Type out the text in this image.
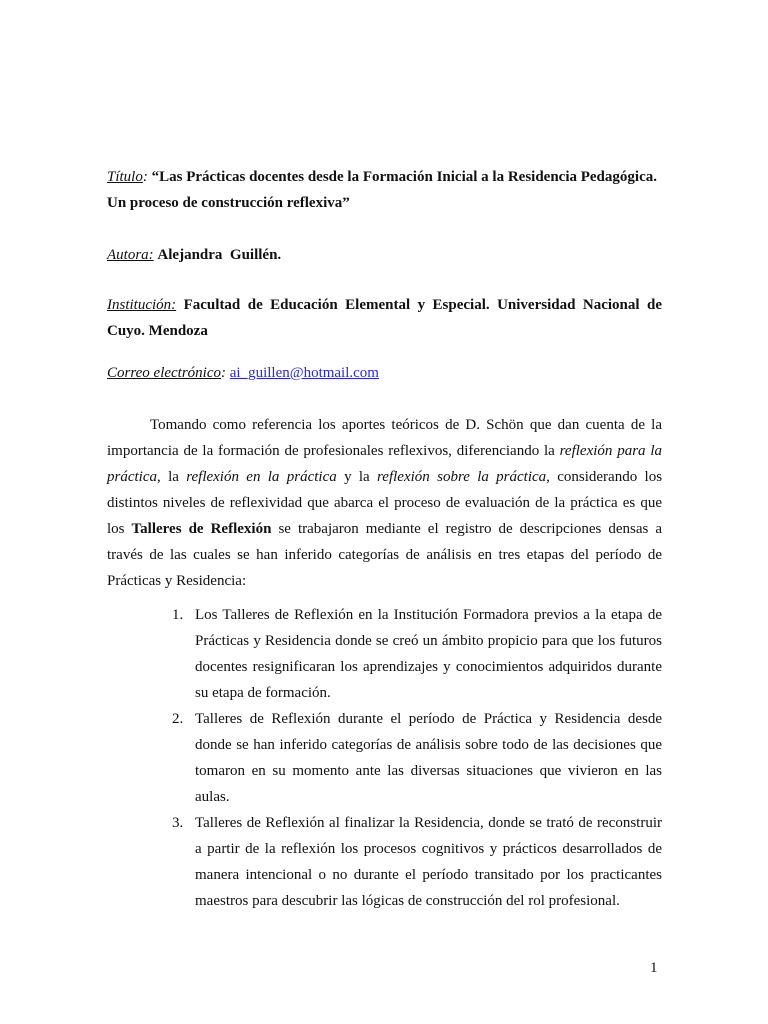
Título: “Las Prácticas docentes desde la Formación Inicial a la Residencia Pedagógica.
Un proceso de construcción reflexiva”
Autora: Alejandra  Guillén.
Institución: Facultad de Educación Elemental y Especial. Universidad Nacional de
Cuyo. Mendoza
Correo electrónico: ai_guillen@hotmail.com
Tomando como referencia los aportes teóricos de D. Schön que dan cuenta de la
importancia de la formación de profesionales reflexivos, diferenciando la reflexión para la
práctica, la reflexión en la práctica y la reflexión sobre la práctica, considerando los
distintos niveles de reflexividad que abarca el proceso de evaluación de la práctica es que
los Talleres de Reflexión se trabajaron mediante el registro de descripciones densas a
través de las cuales se han inferido categorías de análisis en tres etapas del período de
Prácticas y Residencia:
1. Los Talleres de Reflexión en la Institución Formadora previos a la etapa de
Prácticas y Residencia donde se creó un ámbito propicio para que los futuros
docentes resignificaran los aprendizajes y conocimientos adquiridos durante
su etapa de formación.
2. Talleres de Reflexión durante el período de Práctica y Residencia desde
donde se han inferido categorías de análisis sobre todo de las decisiones que
tomaron en su momento ante las diversas situaciones que vivieron en las
aulas.
3. Talleres de Reflexión al finalizar la Residencia, donde se trató de reconstruir
a partir de la reflexión los procesos cognitivos y prácticos desarrollados de
manera intencional o no durante el período transitado por los practicantes
maestros para descubrir las lógicas de construcción del rol profesional.
1
